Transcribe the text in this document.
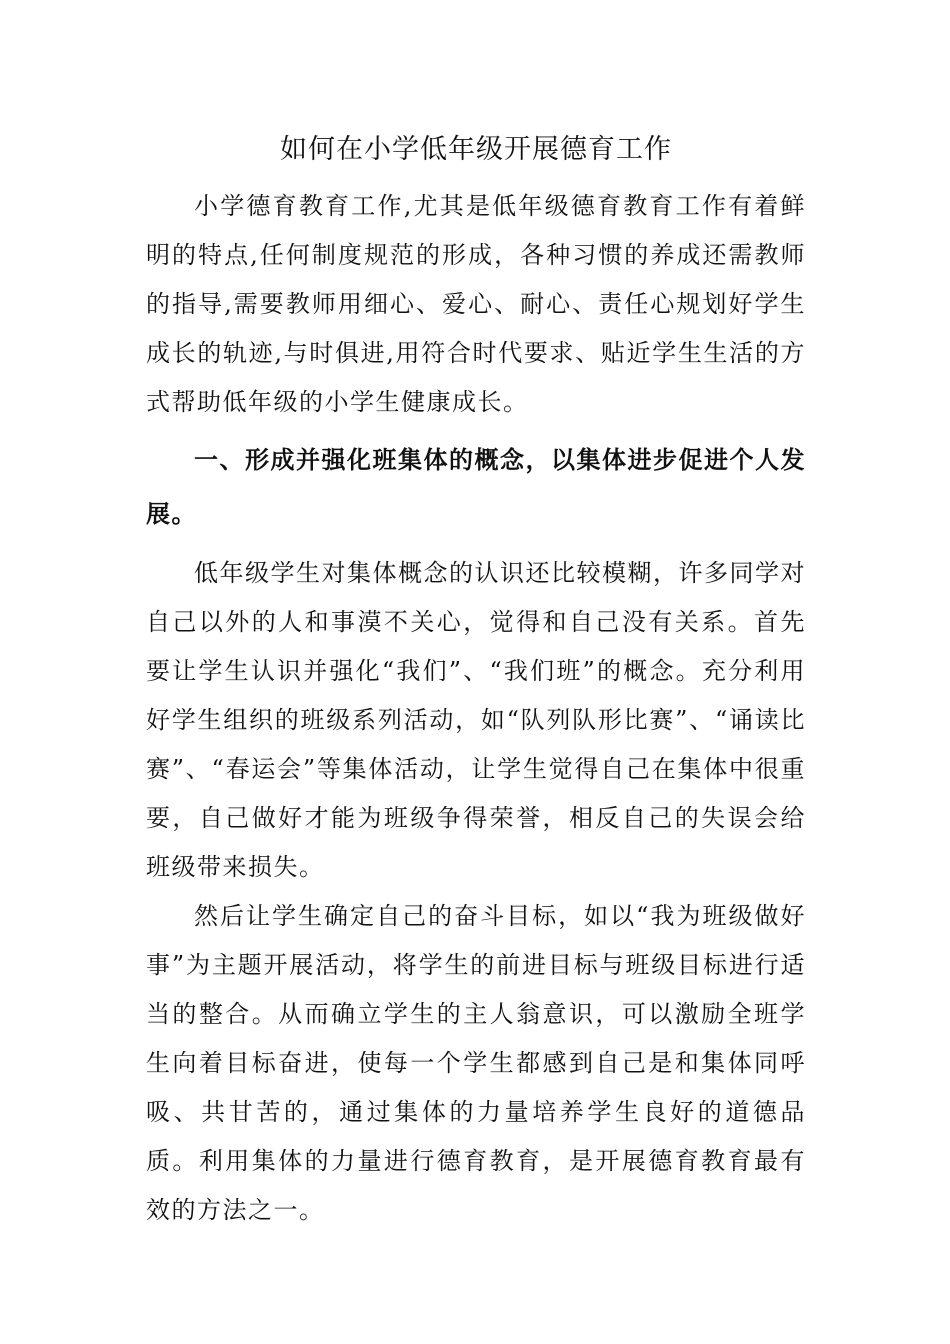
如何在小学低年级开展德育工作

小学德育教育工作,尤其是低年级德育教育工作有着鲜明的特点,任何制度规范的形成，各种习惯的养成还需教师的指导,需要教师用细心、爱心、耐心、责任心规划好学生成长的轨迹,与时俱进,用符合时代要求、贴近学生生活的方式帮助低年级的小学生健康成长。

一、形成并强化班集体的概念，以集体进步促进个人发展。

低年级学生对集体概念的认识还比较模糊，许多同学对自己以外的人和事漠不关心，觉得和自己没有关系。首先要让学生认识并强化“我们”、“我们班”的概念。充分利用好学生组织的班级系列活动，如“队列队形比赛”、“诵读比赛”、“春运会”等集体活动，让学生觉得自己在集体中很重要，自己做好才能为班级争得荣誉，相反自己的失误会给班级带来损失。

然后让学生确定自己的奋斗目标，如以“我为班级做好事”为主题开展活动，将学生的前进目标与班级目标进行适当的整合。从而确立学生的主人翁意识，可以激励全班学生向着目标奋进，使每一个学生都感到自己是和集体同呼吸、共甘苦的，通过集体的力量培养学生良好的道德品质。利用集体的力量进行德育教育，是开展德育教育最有效的方法之一。
